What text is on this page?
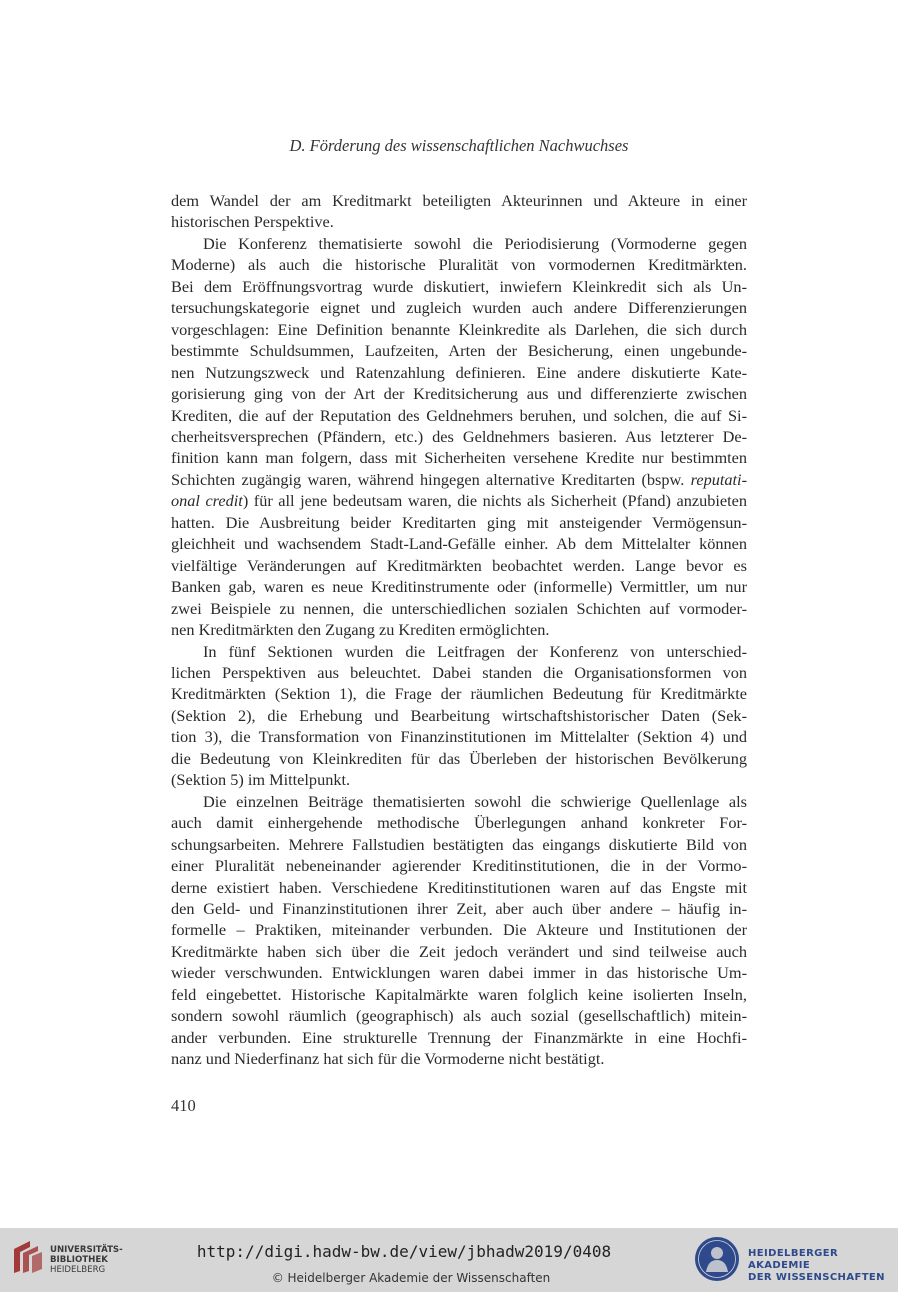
D. Förderung des wissenschaftlichen Nachwuchses
dem Wandel der am Kreditmarkt beteiligten Akteurinnen und Akteure in einer
historischen Perspektive.
Die Konferenz thematisierte sowohl die Periodisierung (Vormoderne gegen
Moderne) als auch die historische Pluralität von vormodernen Kreditmärkten.
Bei dem Eröffnungsvortrag wurde diskutiert, inwiefern Kleinkredit sich als Un-
tersuchungskategorie eignet und zugleich wurden auch andere Differenzierungen
vorgeschlagen: Eine Definition benannte Kleinkredite als Darlehen, die sich durch
bestimmte Schuldsummen, Laufzeiten, Arten der Besicherung, einen ungebunde-
nen Nutzungszweck und Ratenzahlung definieren. Eine andere diskutierte Kate-
gorisierung ging von der Art der Kreditsicherung aus und differenzierte zwischen
Krediten, die auf der Reputation des Geldnehmers beruhen, und solchen, die auf Si-
cherheitsversprechen (Pfändern, etc.) des Geldnehmers basieren. Aus letzterer De-
finition kann man folgern, dass mit Sicherheiten versehene Kredite nur bestimmten
Schichten zugängig waren, während hingegen alternative Kreditarten (bspw. reputati-
onal credit) für all jene bedeutsam waren, die nichts als Sicherheit (Pfand) anzubieten
hatten. Die Ausbreitung beider Kreditarten ging mit ansteigender Vermögensun-
gleichheit und wachsendem Stadt-Land-Gefälle einher. Ab dem Mittelalter können
vielfältige Veränderungen auf Kreditmärkten beobachtet werden. Lange bevor es
Banken gab, waren es neue Kreditinstrumente oder (informelle) Vermittler, um nur
zwei Beispiele zu nennen, die unterschiedlichen sozialen Schichten auf vormoder-
nen Kreditmärkten den Zugang zu Krediten ermöglichten.
In fünf Sektionen wurden die Leitfragen der Konferenz von unterschied-
lichen Perspektiven aus beleuchtet. Dabei standen die Organisationsformen von
Kreditmärkten (Sektion 1), die Frage der räumlichen Bedeutung für Kreditmärkte
(Sektion 2), die Erhebung und Bearbeitung wirtschaftshistorischer Daten (Sek-
tion 3), die Transformation von Finanzinstitutionen im Mittelalter (Sektion 4) und
die Bedeutung von Kleinkrediten für das Überleben der historischen Bevölkerung
(Sektion 5) im Mittelpunkt.
Die einzelnen Beiträge thematisierten sowohl die schwierige Quellenlage als
auch damit einhergehende methodische Überlegungen anhand konkreter For-
schungsarbeiten. Mehrere Fallstudien bestätigten das eingangs diskutierte Bild von
einer Pluralität nebeneinander agierender Kreditinstitutionen, die in der Vormo-
derne existiert haben. Verschiedene Kreditinstitutionen waren auf das Engste mit
den Geld- und Finanzinstitutionen ihrer Zeit, aber auch über andere – häufig in-
formelle – Praktiken, miteinander verbunden. Die Akteure und Institutionen der
Kreditmärkte haben sich über die Zeit jedoch verändert und sind teilweise auch
wieder verschwunden. Entwicklungen waren dabei immer in das historische Um-
feld eingebettet. Historische Kapitalmärkte waren folglich keine isolierten Inseln,
sondern sowohl räumlich (geographisch) als auch sozial (gesellschaftlich) mitein-
ander verbunden. Eine strukturelle Trennung der Finanzmärkte in eine Hochfi-
nanz und Niederfinanz hat sich für die Vormoderne nicht bestätigt.
410
UNIVERSITÄTS-
BIBLIOTHEK
HEIDELBERG
http://digi.hadw-bw.de/view/jbhadw2019/0408
© Heidelberger Akademie der Wissenschaften
HEIDELBERGER AKADEMIE
DER WISSENSCHAFTEN
